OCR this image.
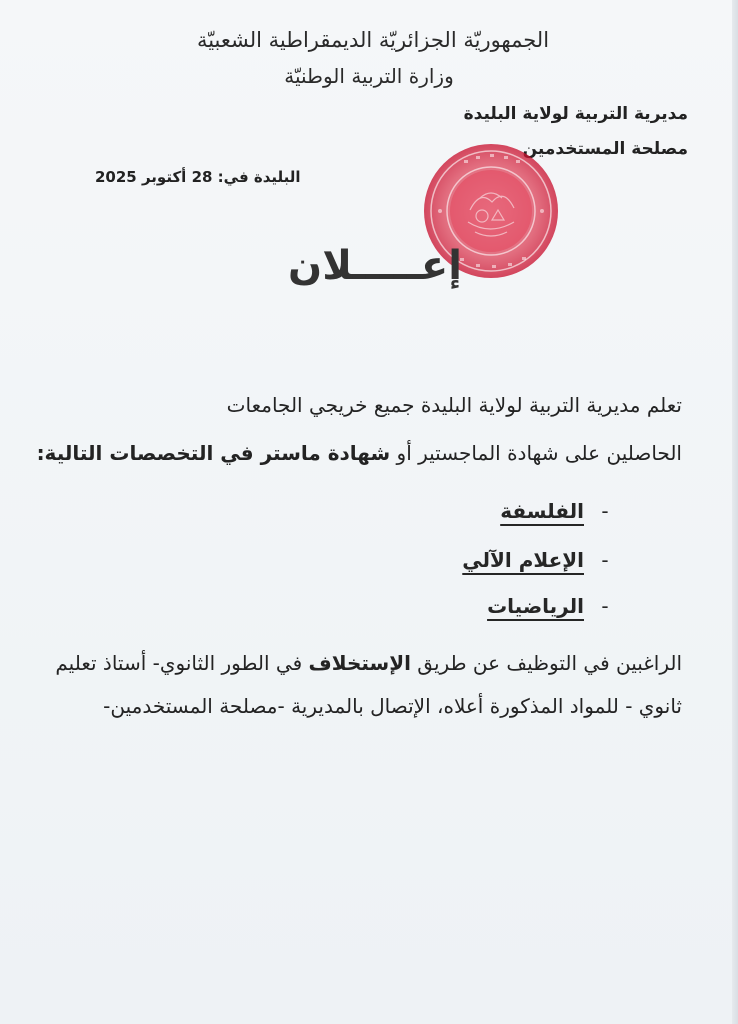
الجمهوريّة الجزائريّة الديمقراطية الشعبيّة
وزارة التربية الوطنيّة
مديرية التربية لولاية البليدة
مصلحة المستخدمين
البليدة في: 28 أكتوبر 2025
إعـــــلان
تعلم مديرية التربية لولاية البليدة جميع خريجي الجامعات
الحاصلين على شهادة الماجستير أو شهادة ماستر في التخصصات التالية:
-الفلسفة
-الإعلام الآلي
-الرياضيات
الراغبين في التوظيف عن طريق الإستخلاف في الطور الثانوي- أستاذ تعليم
ثانوي - للمواد المذكورة أعلاه، الإتصال بالمديرية -مصلحة المستخدمين-
